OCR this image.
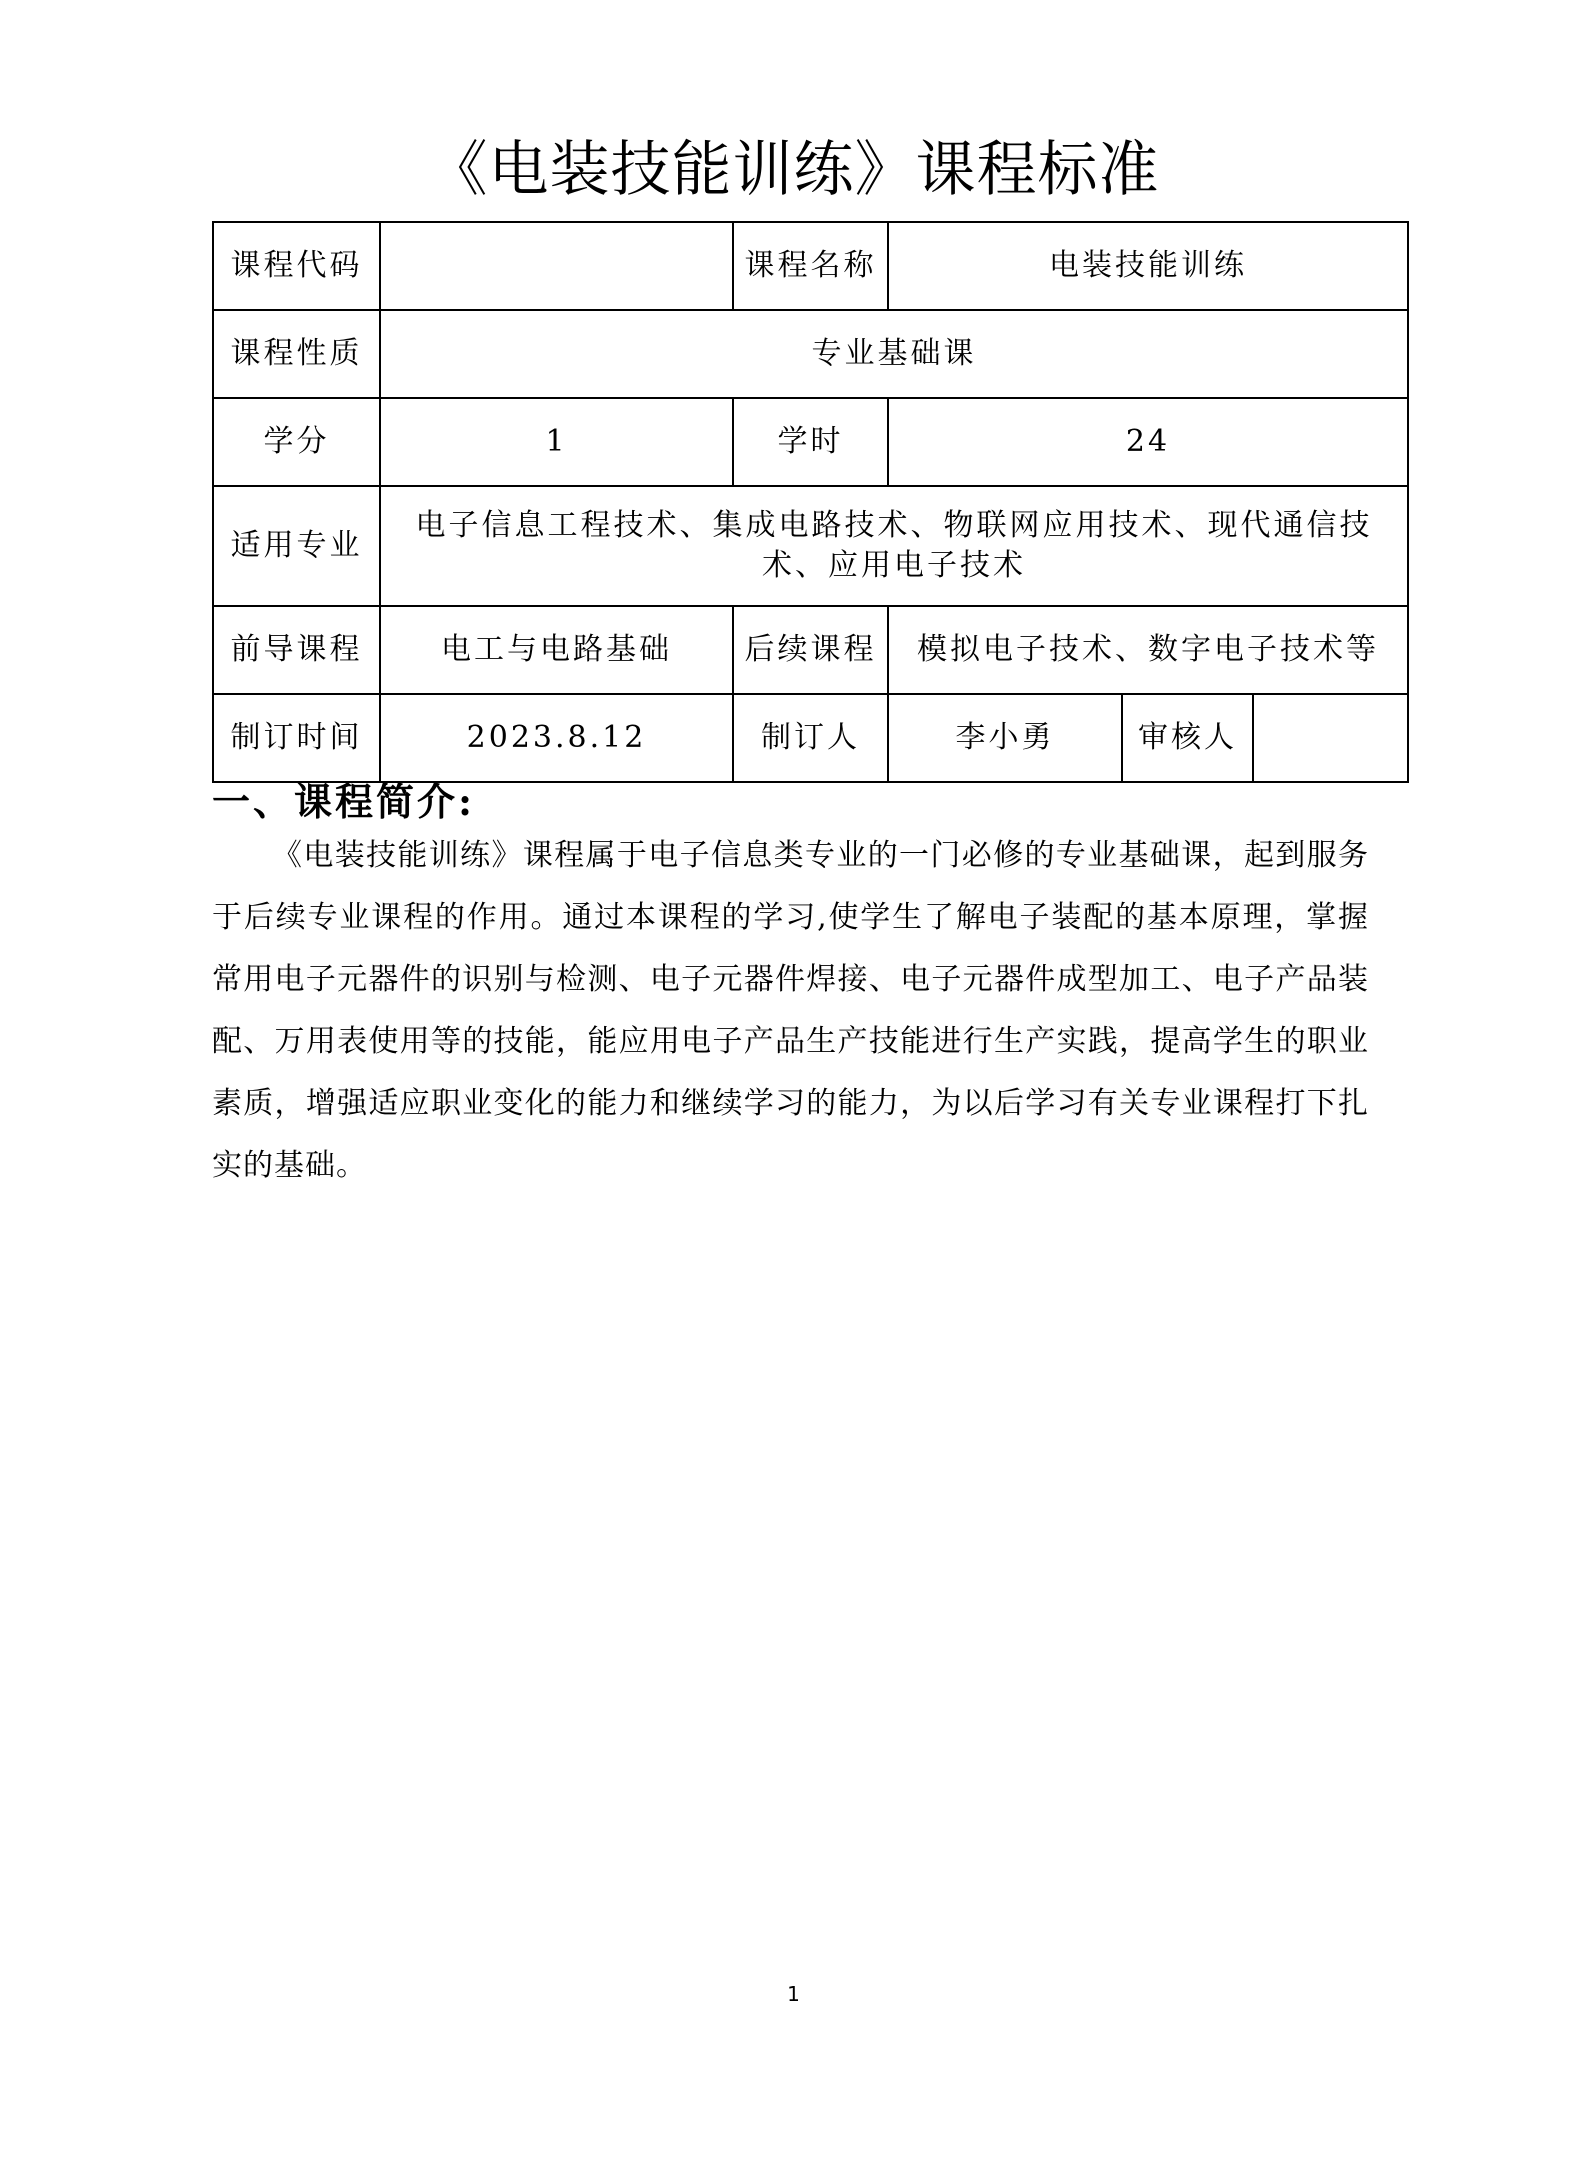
《电装技能训练》课程标准
课程代码		课程名称	电装技能训练		
课程性质	专业基础课				
学分	1	学时	24		
适用专业	电子信息工程技术、集成电路技术、物联网应用技术、现代通信技术、应用电子技术				
前导课程	电工与电路基础	后续课程	模拟电子技术、数字电子技术等		
制订时间	2023.8.12	制订人	李小勇	审核人	
一、课程简介:

《电装技能训练》课程属于电子信息类专业的一门必修的专业基础课，起到服务于后续专业课程的作用。通过本课程的学习,使学生了解电子装配的基本原理，掌握常用电子元器件的识别与检测、电子元器件焊接、电子元器件成型加工、电子产品装配、万用表使用等的技能，能应用电子产品生产技能进行生产实践，提高学生的职业素质，增强适应职业变化的能力和继续学习的能力，为以后学习有关专业课程打下扎实的基础。

1
